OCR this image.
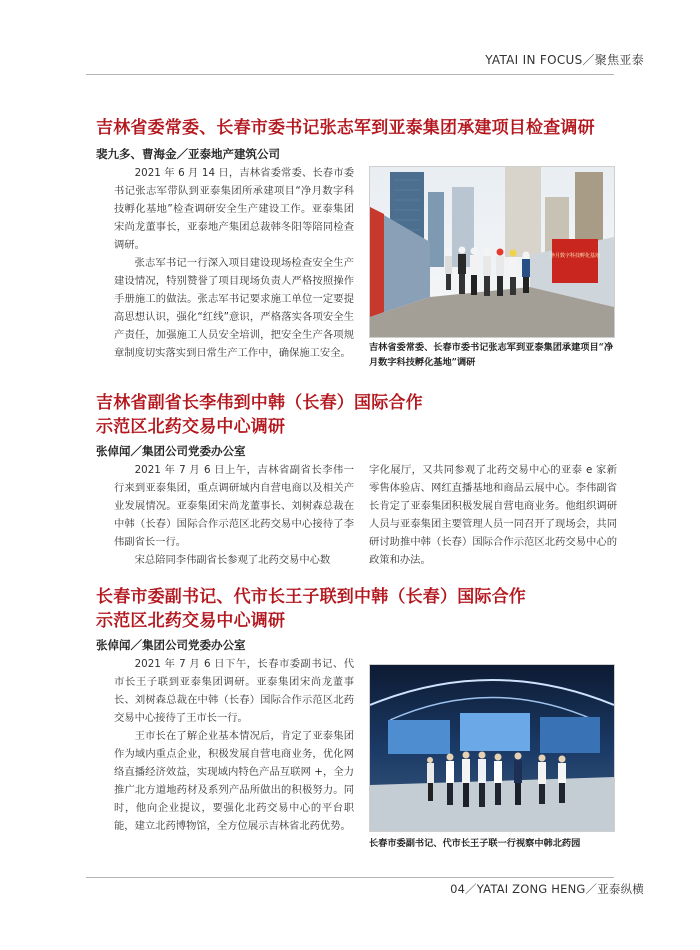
YATAI IN FOCUS／聚焦亚泰
吉林省委常委、长春市委书记张志军到亚泰集团承建项目检查调研
裴九多、曹海金／亚泰地产建筑公司

2021 年 6 月 14 日，吉林省委常委、长春市委书记张志军带队到亚泰集团所承建项目“净月数字科技孵化基地”检查调研安全生产建设工作。亚泰集团宋尚龙董事长，亚泰地产集团总裁韩冬阳等陪同检查调研。

张志军书记一行深入项目建设现场检查安全生产建设情况，特别赞誉了项目现场负责人严格按照操作手册施工的做法。张志军书记要求施工单位一定要提高思想认识，强化“红线”意识，严格落实各项安全生产责任，加强施工人员安全培训，把安全生产各项规章制度切实落实到日常生产工作中，确保施工安全。

净月数字科技孵化基地
吉林省委常委、长春市委书记张志军到亚泰集团承建项目“净月数字科技孵化基地”调研
吉林省副省长李伟到中韩（长春）国际合作
示范区北药交易中心调研
张倬闻／集团公司党委办公室

2021 年 7 月 6 日上午，吉林省副省长李伟一行来到亚泰集团，重点调研域内自营电商以及相关产业发展情况。亚泰集团宋尚龙董事长、刘树森总裁在中韩（长春）国际合作示范区北药交易中心接待了李伟副省长一行。

宋总陪同李伟副省长参观了北药交易中心数

字化展厅，又共同参观了北药交易中心的亚泰 e 家新零售体验店、网红直播基地和商品云展中心。李伟副省长肯定了亚泰集团积极发展自营电商业务。他组织调研人员与亚泰集团主要管理人员一同召开了现场会，共同研讨助推中韩（长春）国际合作示范区北药交易中心的政策和办法。
长春市委副书记、代市长王子联到中韩（长春）国际合作
示范区北药交易中心调研
张倬闻／集团公司党委办公室

2021 年 7 月 6 日下午，长春市委副书记、代市长王子联到亚泰集团调研。亚泰集团宋尚龙董事长、刘树森总裁在中韩（长春）国际合作示范区北药交易中心接待了王市长一行。

王市长在了解企业基本情况后，肯定了亚泰集团作为域内重点企业，积极发展自营电商业务，优化网络直播经济效益，实现域内特色产品互联网 +，全力推广北方道地药材及系列产品所做出的积极努力。同时，他向企业提议，要强化北药交易中心的平台职能，建立北药博物馆，全方位展示吉林省北药优势。

长春市委副书记、代市长王子联一行视察中韩北药园
04／YATAI ZONG HENG／亚泰纵横
